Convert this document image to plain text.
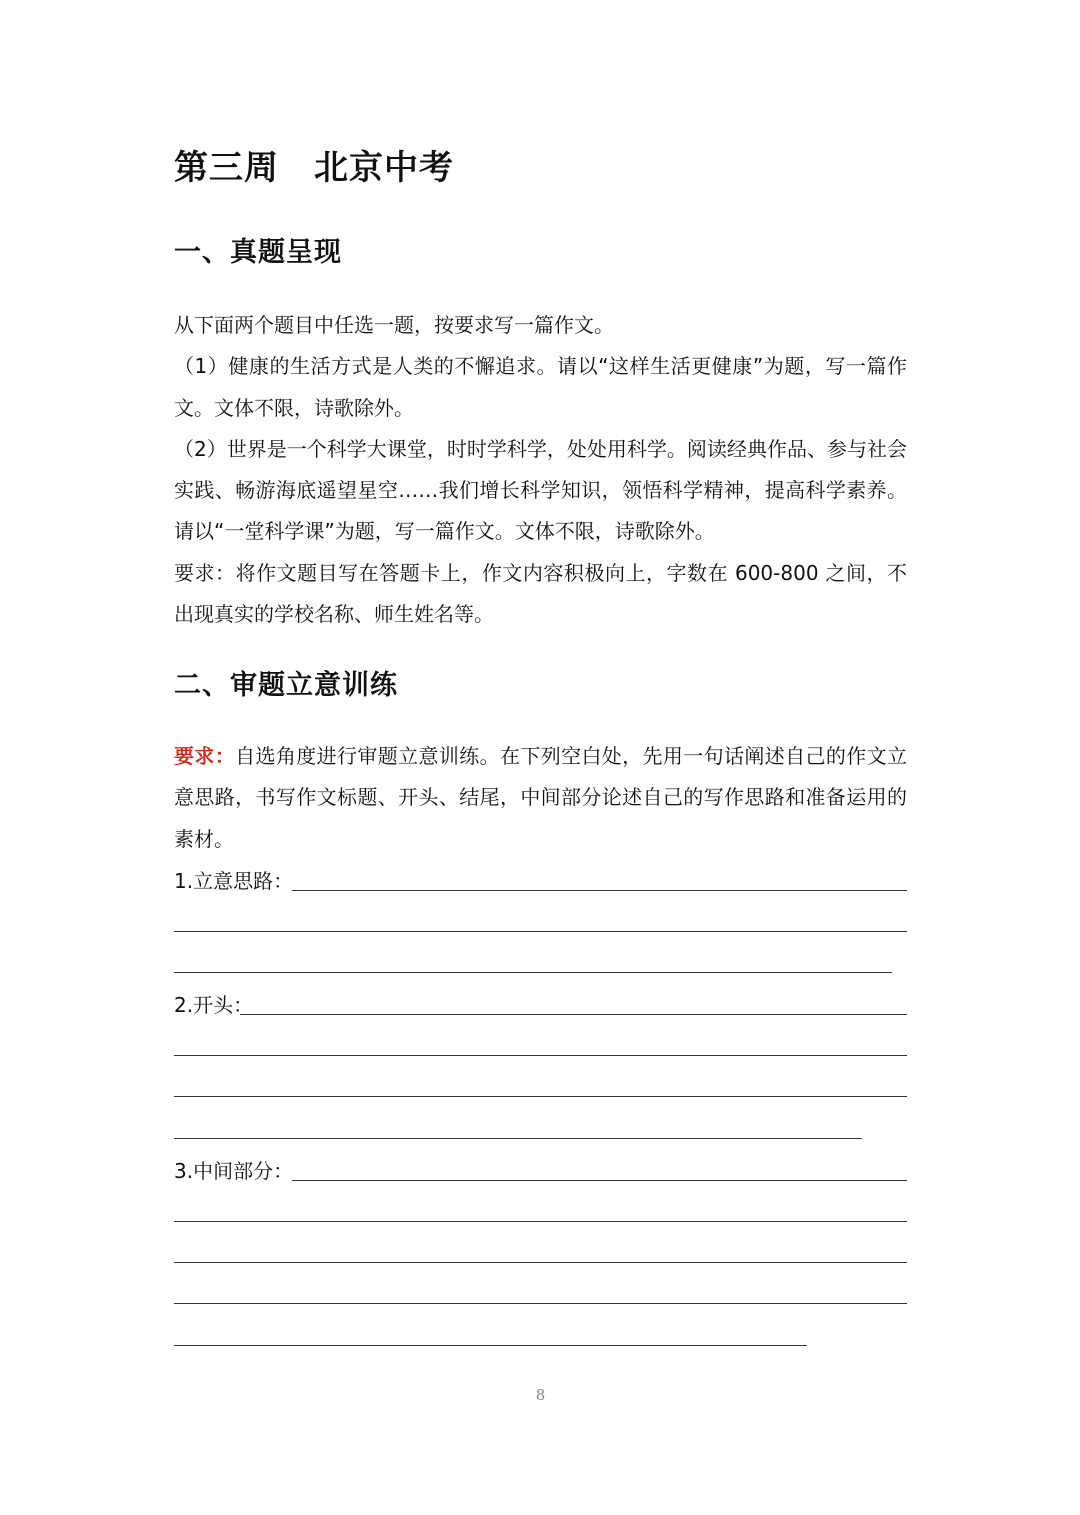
第三周　北京中考
一、真题呈现
从下面两个题目中任选一题，按要求写一篇作文。
（1）健康的生活方式是人类的不懈追求。请以“这样生活更健康”为题，写一篇作文。文体不限，诗歌除外。
（2）世界是一个科学大课堂，时时学科学，处处用科学。阅读经典作品、参与社会实践、畅游海底遥望星空……我们增长科学知识，领悟科学精神，提高科学素养。请以“一堂科学课”为题，写一篇作文。文体不限，诗歌除外。
要求：将作文题目写在答题卡上，作文内容积极向上，字数在 600-800 之间，不出现真实的学校名称、师生姓名等。
二、审题立意训练
要求：自选角度进行审题立意训练。在下列空白处，先用一句话阐述自己的作文立意思路，书写作文标题、开头、结尾，中间部分论述自己的写作思路和准备运用的素材。
1.立意思路：
2.开头：
3.中间部分：
8
